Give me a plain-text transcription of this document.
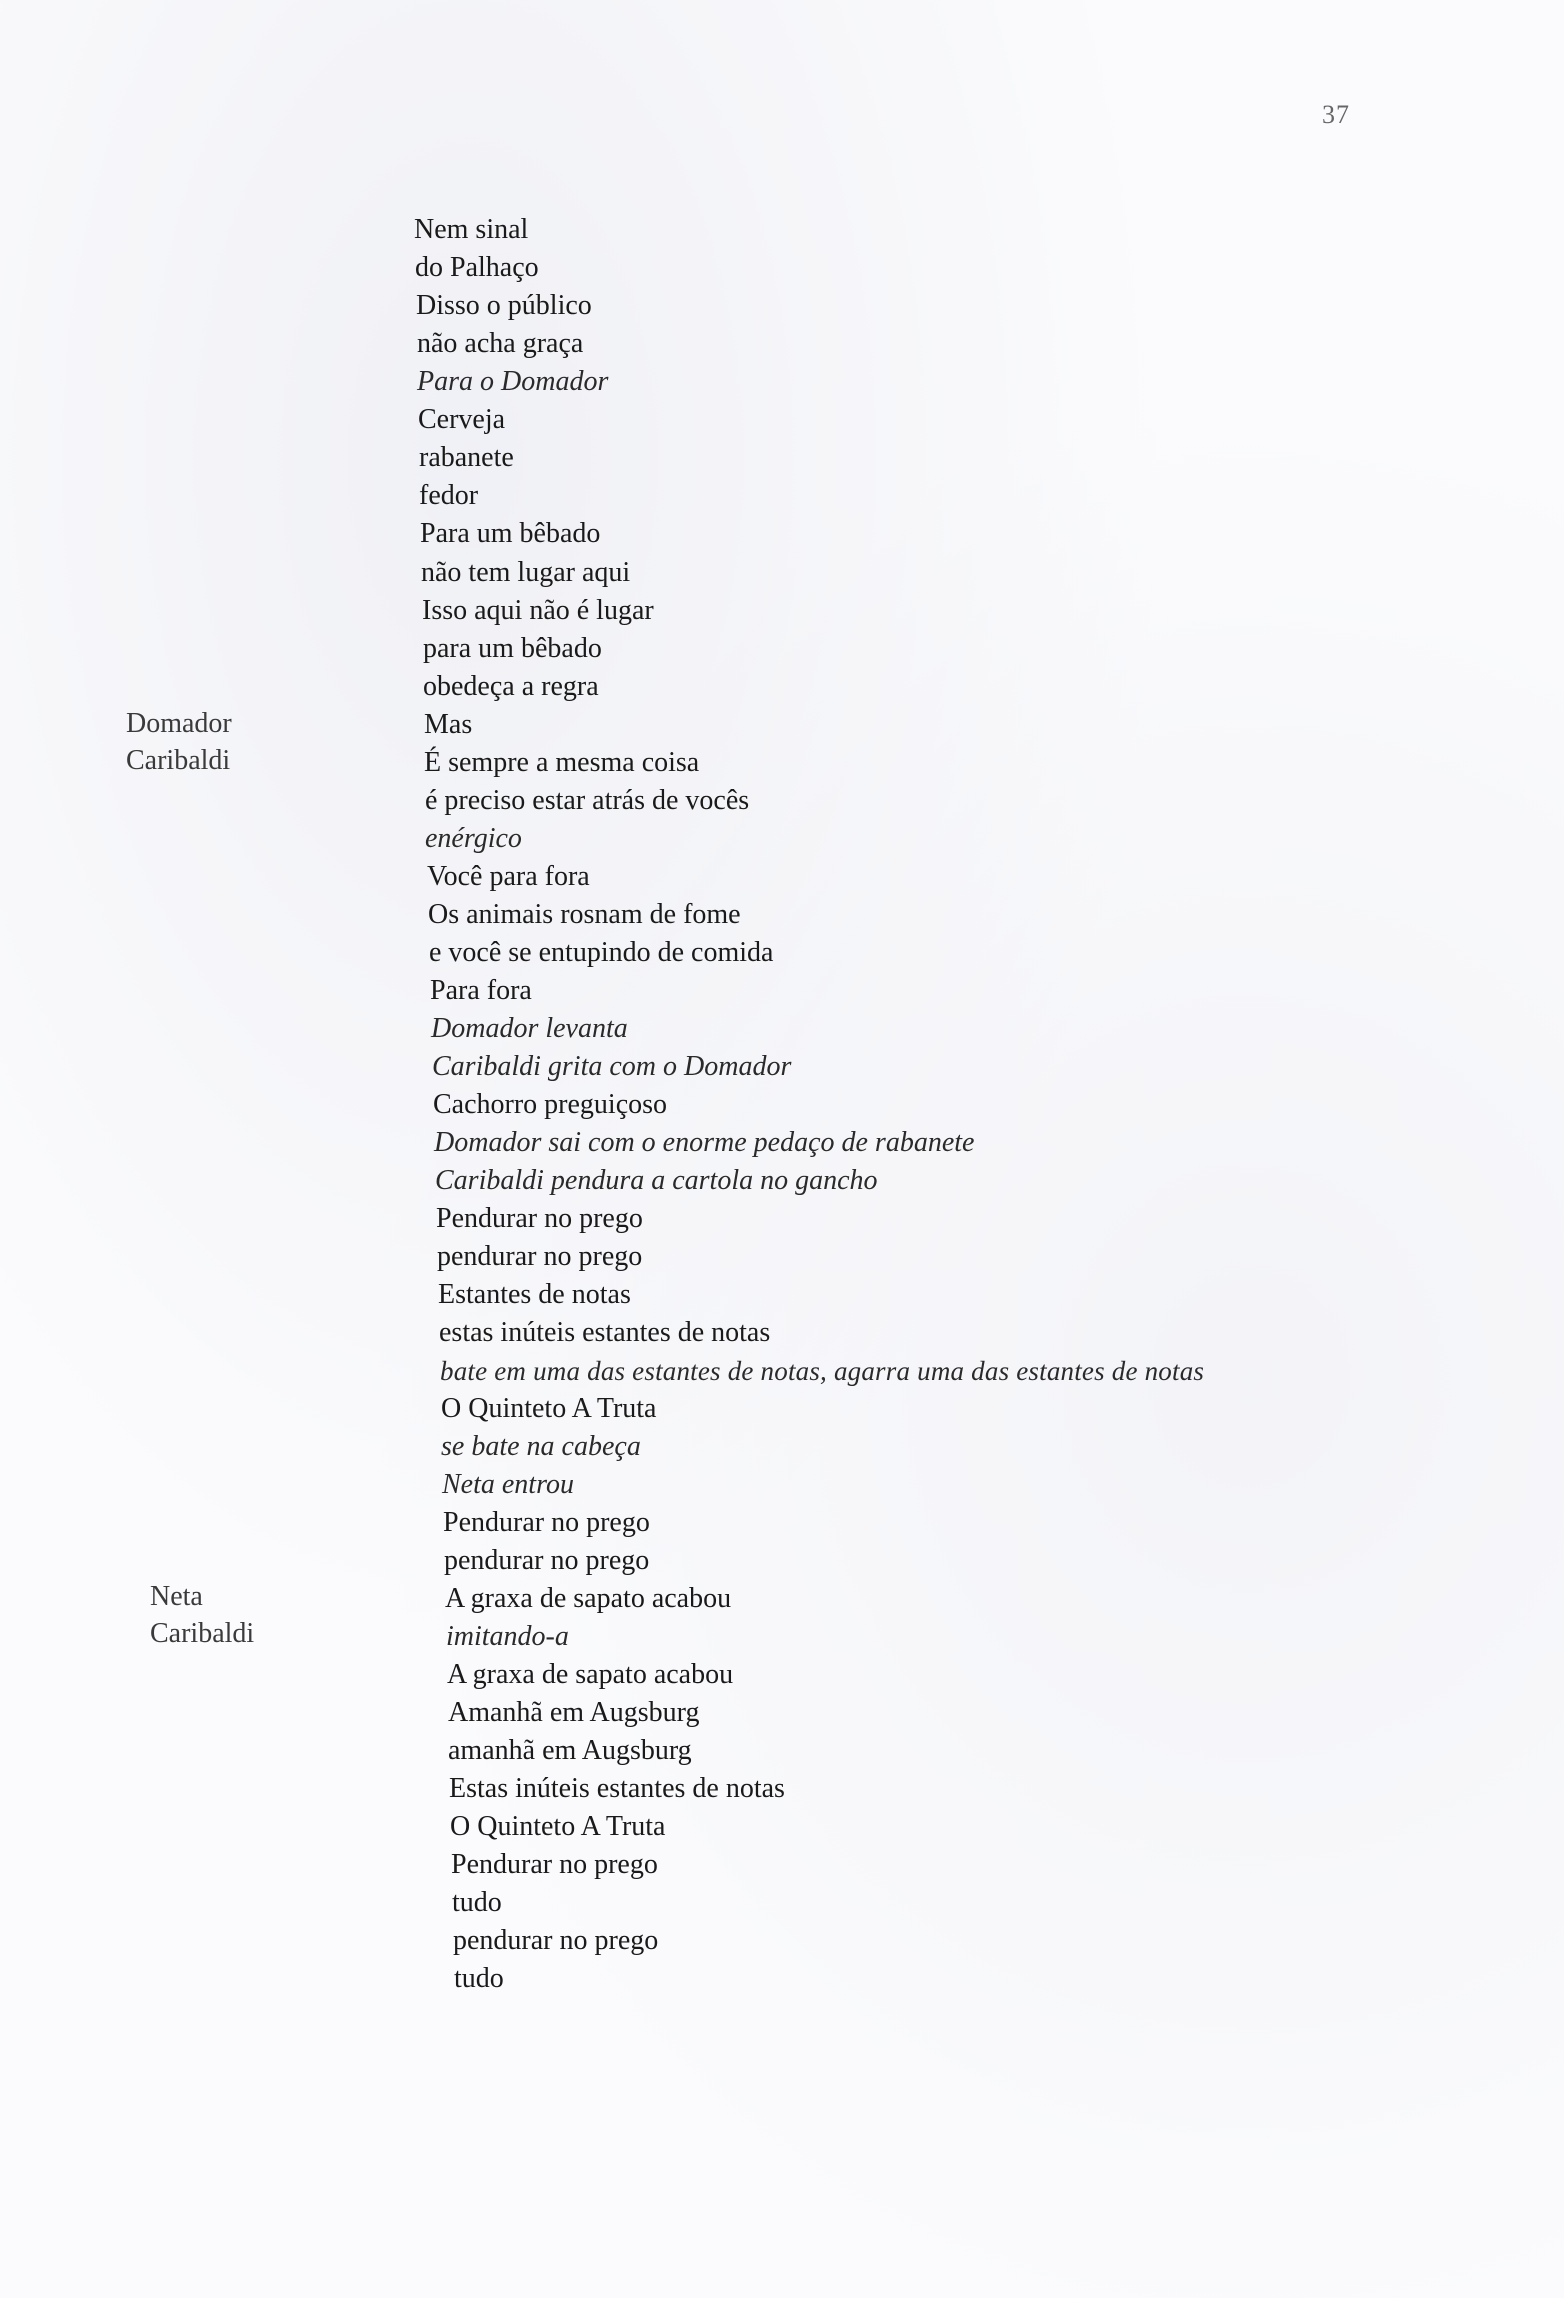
37
Domador
Caribaldi
Neta
Caribaldi
Nem sinal
do Palhaço
Disso o público
não acha graça
Para o Domador
Cerveja
rabanete
fedor
Para um bêbado
não tem lugar aqui
Isso aqui não é lugar
para um bêbado
obedeça a regra
Mas
É sempre a mesma coisa
é preciso estar atrás de vocês
enérgico
Você para fora
Os animais rosnam de fome
e você se entupindo de comida
Para fora
Domador levanta
Caribaldi grita com o Domador
Cachorro preguiçoso
Domador sai com o enorme pedaço de rabanete
Caribaldi pendura a cartola no gancho
Pendurar no prego
pendurar no prego
Estantes de notas
estas inúteis estantes de notas
bate em uma das estantes de notas, agarra uma das estantes de notas
O Quinteto A Truta
se bate na cabeça
Neta entrou
Pendurar no prego
pendurar no prego
A graxa de sapato acabou
imitando-a
A graxa de sapato acabou
Amanhã em Augsburg
amanhã em Augsburg
Estas inúteis estantes de notas
O Quinteto A Truta
Pendurar no prego
tudo
pendurar no prego
tudo
